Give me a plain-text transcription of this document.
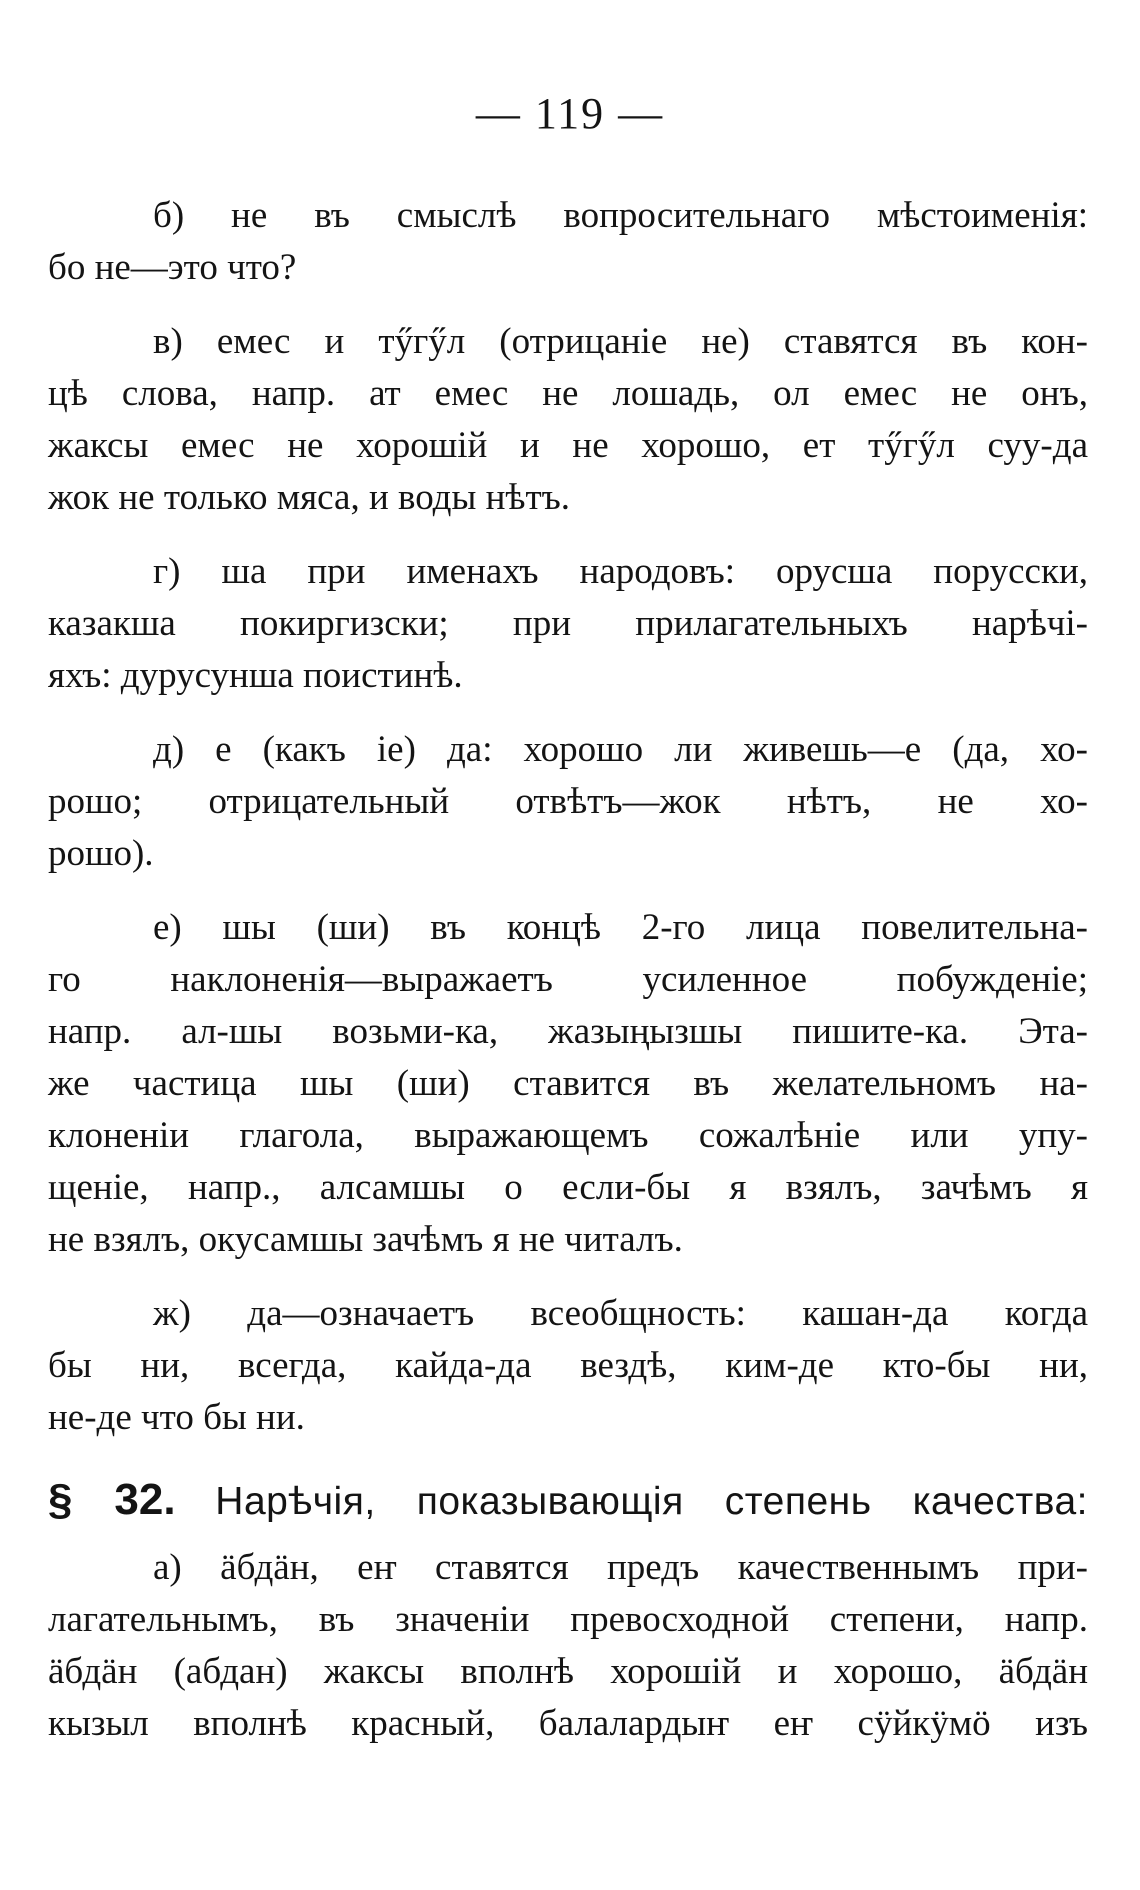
— 119 —
б) не въ смыслѣ вопросительнаго мѣстоименія:
бо не—это что?
в) емес и тӳгӳл (отрицаніе не) ставятся въ кон-
цѣ слова, напр. ат емес не лошадь, ол емес не онъ,
жаксы емес не хорошій и не хорошо, ет тӳгӳл суу-да
жок не только мяса, и воды нѣтъ.
г) ша при именахъ народовъ: орусша порусски,
казакша покиргизски; при прилагательныхъ нарѣчі-
яхъ: дурусунша поистинѣ.
д) е (какъ іе) да: хорошо ли живешь—е (да, хо-
рошо; отрицательный отвѣтъ—жок нѣтъ, не хо-
рошо).
е) шы (ши) въ концѣ 2-го лица повелительна-
го наклоненія—выражаетъ усиленное побужденіе;
напр. ал-шы возьми-ка, жазыңызшы пишите-ка. Эта-
же частица шы (ши) ставится въ желательномъ на-
клоненіи глагола, выражающемъ сожалѣніе или упу-
щеніе, напр., алсамшы о если-бы я взялъ, зачѣмъ я
не взялъ, окусамшы зачѣмъ я не читалъ.
ж) да—означаетъ всеобщность: кашан-да когда
бы ни, всегда, кайда-да вездѣ, ким-де кто-бы ни,
не-де что бы ни.
§ 32. Нарѣчія, показывающія степень качества:
а) ӓбдӓн, еҥ ставятся предъ качественнымъ при-
лагательнымъ, въ значеніи превосходной степени, напр.
ӓбдӓн (абдан) жаксы вполнѣ хорошій и хорошо, ӓбдӓн
кызыл вполнѣ красный, балалардыҥ еҥ сӱйкӱмӧ изъ
